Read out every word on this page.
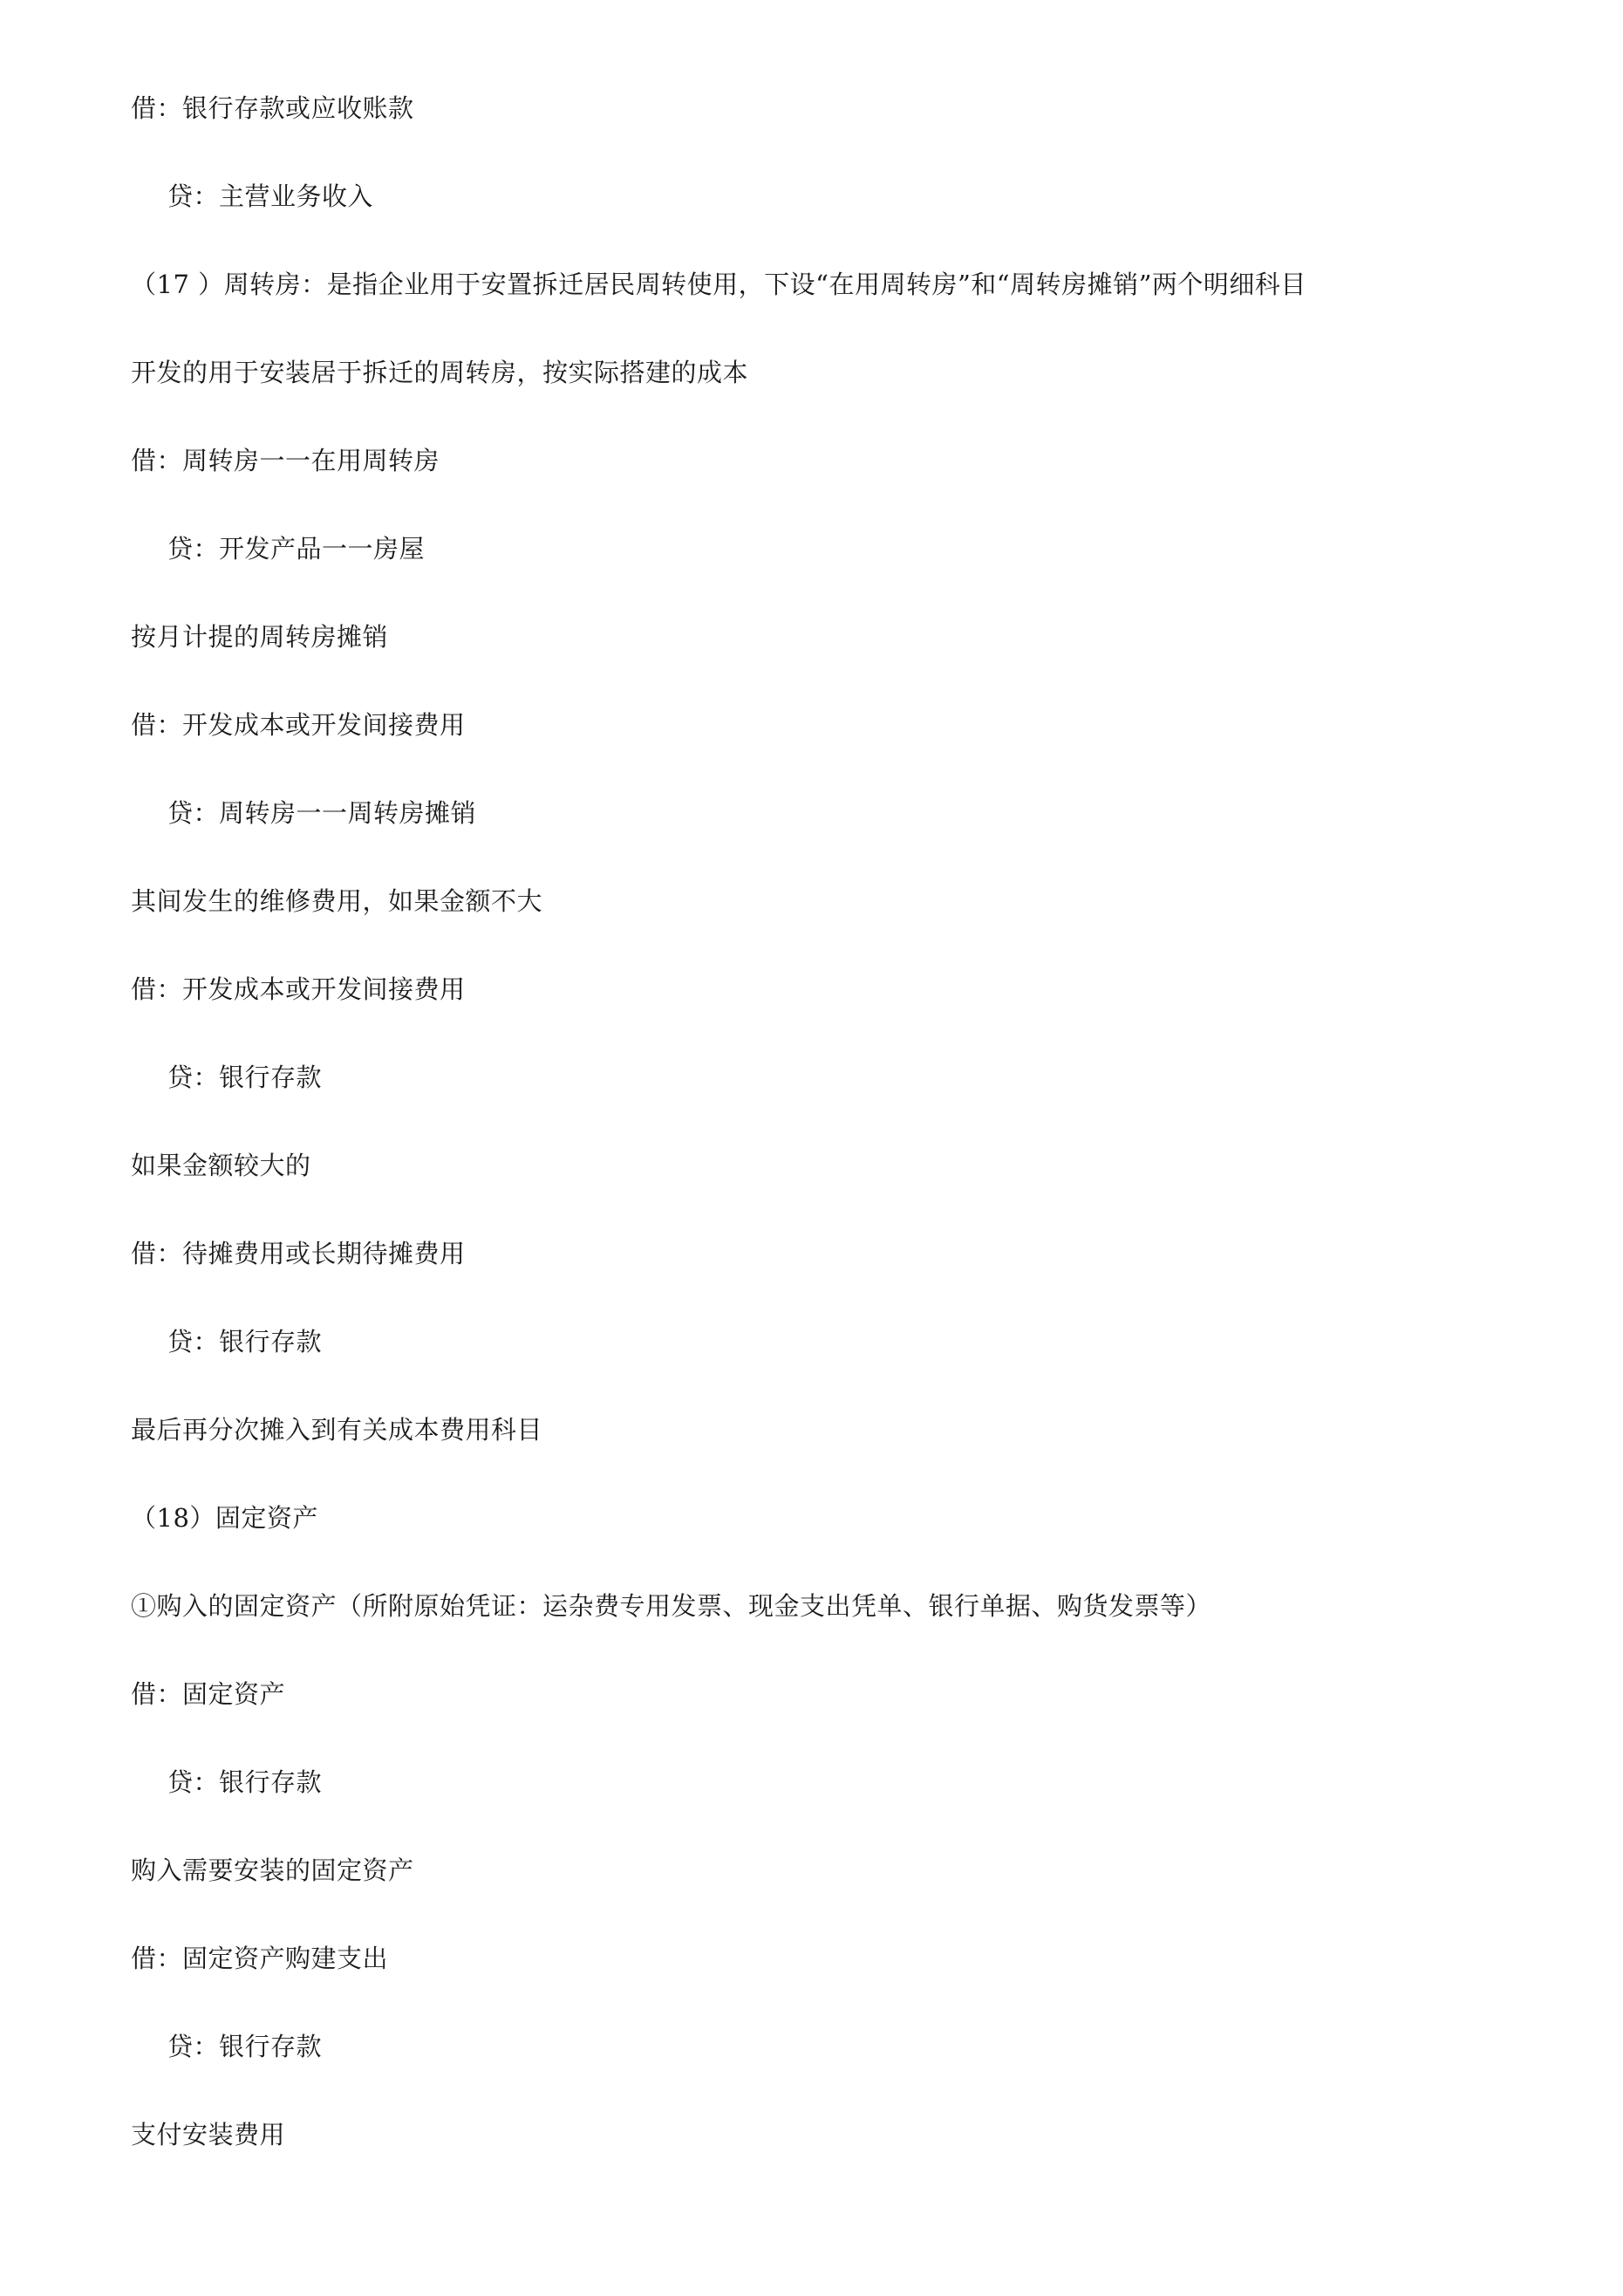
借：银行存款或应收账款

贷：主营业务收入

（17 ）周转房：是指企业用于安置拆迁居民周转使用，下设“在用周转房”和“周转房摊销”两个明细科目

开发的用于安装居于拆迁的周转房，按实际搭建的成本

借：周转房一一在用周转房

贷：开发产品一一房屋

按月计提的周转房摊销

借：开发成本或开发间接费用

贷：周转房一一周转房摊销

其间发生的维修费用，如果金额不大

借：开发成本或开发间接费用

贷：银行存款

如果金额较大的

借：待摊费用或长期待摊费用

贷：银行存款

最后再分次摊入到有关成本费用科目

（18）固定资产

①购入的固定资产（所附原始凭证：运杂费专用发票、现金支出凭单、银行单据、购货发票等）

借：固定资产

贷：银行存款

购入需要安装的固定资产

借：固定资产购建支出

贷：银行存款

支付安装费用
